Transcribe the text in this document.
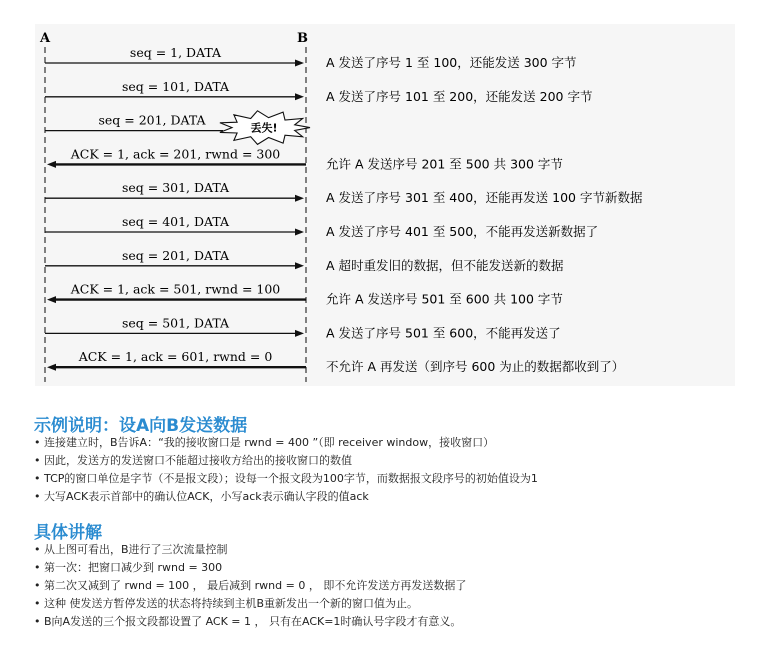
A	B
seq = 1, DATA
A 发送了序号 1 至 100，还能发送 300 字节
seq = 101, DATA
A 发送了序号 101 至 200，还能发送 200 字节
丢失!
seq = 201, DATA
ACK = 1, ack = 201, rwnd = 300
允许 A 发送序号 201 至 500 共 300 字节
seq = 301, DATA
A 发送了序号 301 至 400，还能再发送 100 字节新数据
seq = 401, DATA
A 发送了序号 401 至 500，不能再发送新数据了
seq = 201, DATA
A 超时重发旧的数据，但不能发送新的数据
ACK = 1, ack = 501, rwnd = 100
允许 A 发送序号 501 至 600 共 100 字节
seq = 501, DATA
A 发送了序号 501 至 600，不能再发送了
ACK = 1, ack = 601, rwnd = 0
不允许 A 再发送（到序号 600 为止的数据都收到了）
示例说明：设A向B发送数据
• 连接建立时，B告诉A：“我的接收窗口是 rwnd = 400 ”（即 receiver window，接收窗口）
• 因此，发送方的发送窗口不能超过接收方给出的接收窗口的数值
• TCP的窗口单位是字节（不是报文段）；设每一个报文段为100字节，而数据报文段序号的初始值设为1
• 大写ACK表示首部中的确认位ACK，小写ack表示确认字段的值ack
具体讲解
• 从上图可看出，B进行了三次流量控制
• 第一次：把窗口减少到 rwnd = 300
• 第二次又减到了 rwnd = 100 ， 最后减到 rwnd = 0 ， 即不允许发送方再发送数据了
• 这种 使发送方暂停发送的状态将持续到主机B重新发出一个新的窗口值为止。
• B向A发送的三个报文段都设置了 ACK = 1 ， 只有在ACK=1时确认号字段才有意义。
